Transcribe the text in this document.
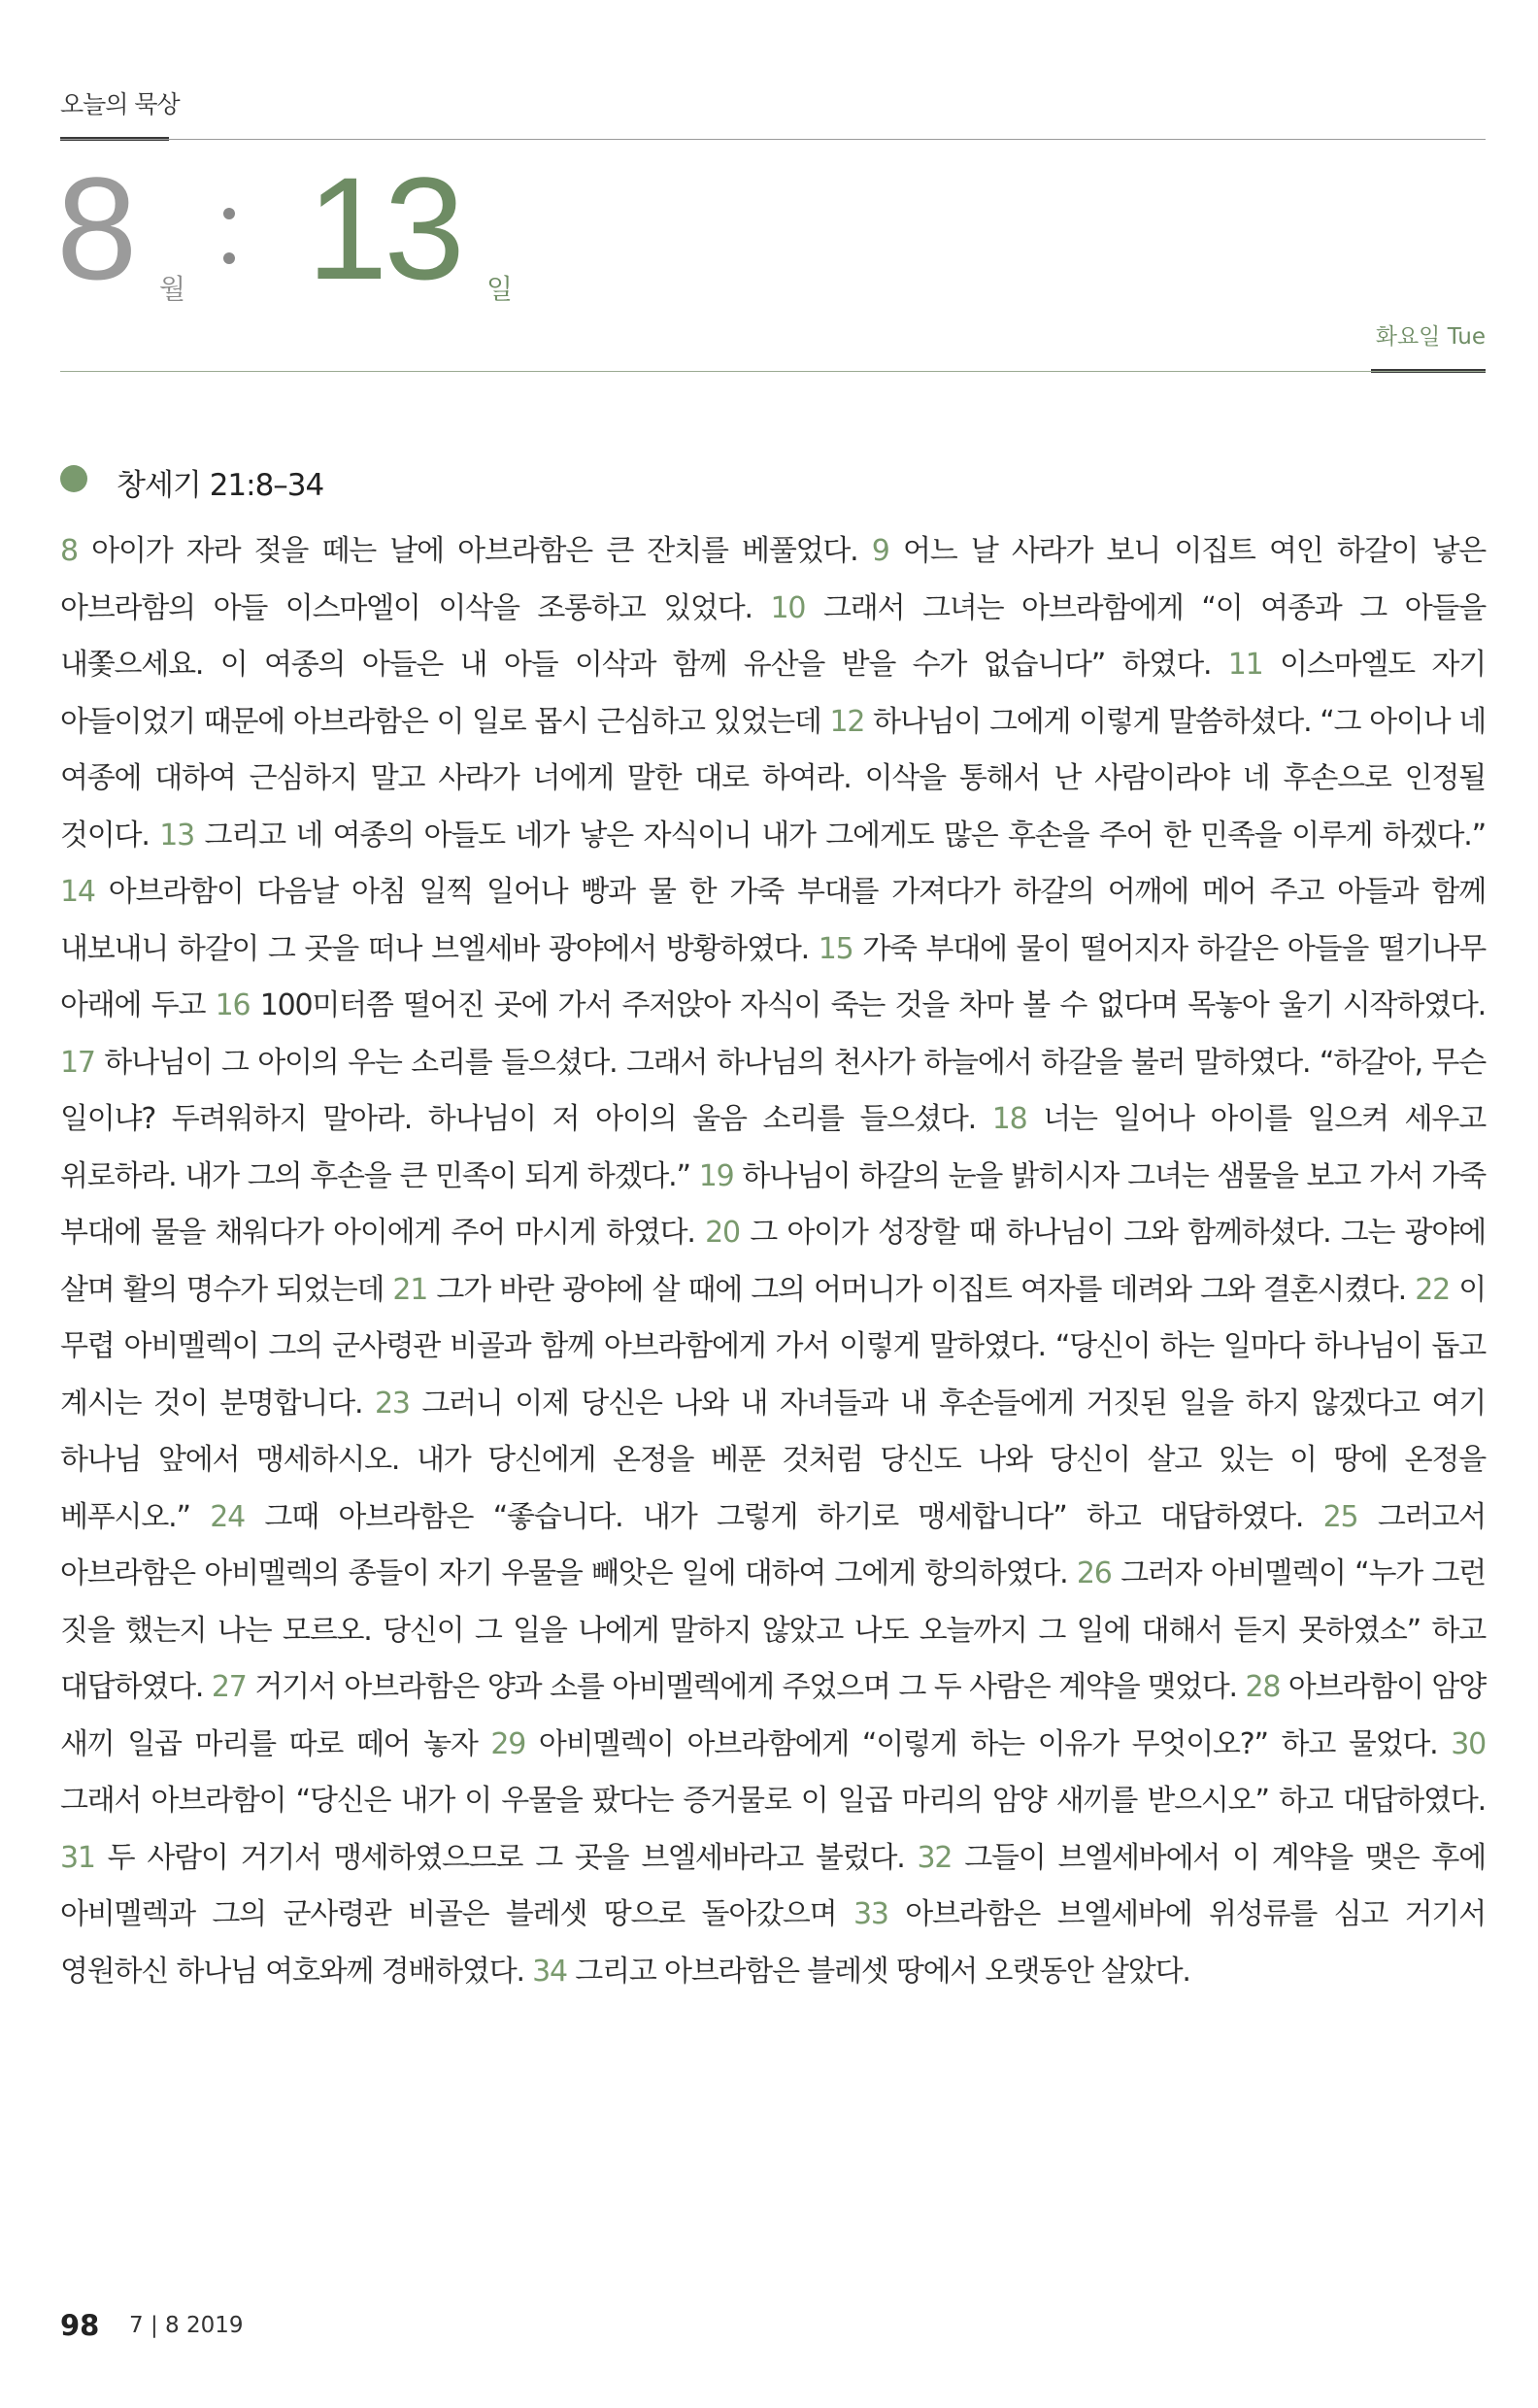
오늘의 묵상
8 월 13 일
화요일 Tue
창세기 21:8–34
8 아이가 자라 젖을 떼는 날에 아브라함은 큰 잔치를 베풀었다. 9 어느 날 사라가 보니 이집트 여인 하갈이 낳은 아브라함의 아들 이스마엘이 이삭을 조롱하고 있었다. 10 그래서 그녀는 아브라함에게 “이 여종과 그 아들을 내쫓으세요. 이 여종의 아들은 내 아들 이삭과 함께 유산을 받을 수가 없습니다” 하였다. 11 이스마엘도 자기 아들이었기 때문에 아브라함은 이 일로 몹시 근심하고 있었는데 12 하나님이 그에게 이렇게 말씀하셨다. “그 아이나 네 여종에 대하여 근심하지 말고 사라가 너에게 말한 대로 하여라. 이삭을 통해서 난 사람이라야 네 후손으로 인정될 것이다. 13 그리고 네 여종의 아들도 네가 낳은 자식이니 내가 그에게도 많은 후손을 주어 한 민족을 이루게 하겠다.” 14 아브라함이 다음날 아침 일찍 일어나 빵과 물 한 가죽 부대를 가져다가 하갈의 어깨에 메어 주고 아들과 함께 내보내니 하갈이 그 곳을 떠나 브엘세바 광야에서 방황하였다. 15 가죽 부대에 물이 떨어지자 하갈은 아들을 떨기나무 아래에 두고 16 100미터쯤 떨어진 곳에 가서 주저앉아 자식이 죽는 것을 차마 볼 수 없다며 목놓아 울기 시작하였다. 17 하나님이 그 아이의 우는 소리를 들으셨다. 그래서 하나님의 천사가 하늘에서 하갈을 불러 말하였다. “하갈아, 무슨 일이냐? 두려워하지 말아라. 하나님이 저 아이의 울음 소리를 들으셨다. 18 너는 일어나 아이를 일으켜 세우고 위로하라. 내가 그의 후손을 큰 민족이 되게 하겠다.” 19 하나님이 하갈의 눈을 밝히시자 그녀는 샘물을 보고 가서 가죽 부대에 물을 채워다가 아이에게 주어 마시게 하였다. 20 그 아이가 성장할 때 하나님이 그와 함께하셨다. 그는 광야에 살며 활의 명수가 되었는데 21 그가 바란 광야에 살 때에 그의 어머니가 이집트 여자를 데려와 그와 결혼시켰다. 22 이 무렵 아비멜렉이 그의 군사령관 비골과 함께 아브라함에게 가서 이렇게 말하였다. “당신이 하는 일마다 하나님이 돕고 계시는 것이 분명합니다. 23 그러니 이제 당신은 나와 내 자녀들과 내 후손들에게 거짓된 일을 하지 않겠다고 여기 하나님 앞에서 맹세하시오. 내가 당신에게 온정을 베푼 것처럼 당신도 나와 당신이 살고 있는 이 땅에 온정을 베푸시오.” 24 그때 아브라함은 “좋습니다. 내가 그렇게 하기로 맹세합니다” 하고 대답하였다. 25 그러고서 아브라함은 아비멜렉의 종들이 자기 우물을 빼앗은 일에 대하여 그에게 항의하였다. 26 그러자 아비멜렉이 “누가 그런 짓을 했는지 나는 모르오. 당신이 그 일을 나에게 말하지 않았고 나도 오늘까지 그 일에 대해서 듣지 못하였소” 하고 대답하였다. 27 거기서 아브라함은 양과 소를 아비멜렉에게 주었으며 그 두 사람은 계약을 맺었다. 28 아브라함이 암양 새끼 일곱 마리를 따로 떼어 놓자 29 아비멜렉이 아브라함에게 “이렇게 하는 이유가 무엇이오?” 하고 물었다. 30 그래서 아브라함이 “당신은 내가 이 우물을 팠다는 증거물로 이 일곱 마리의 암양 새끼를 받으시오” 하고 대답하였다. 31 두 사람이 거기서 맹세하였으므로 그 곳을 브엘세바라고 불렀다. 32 그들이 브엘세바에서 이 계약을 맺은 후에 아비멜렉과 그의 군사령관 비골은 블레셋 땅으로 돌아갔으며 33 아브라함은 브엘세바에 위성류를 심고 거기서 영원하신 하나님 여호와께 경배하였다. 34 그리고 아브라함은 블레셋 땅에서 오랫동안 살았다.
98 7 | 8 2019
